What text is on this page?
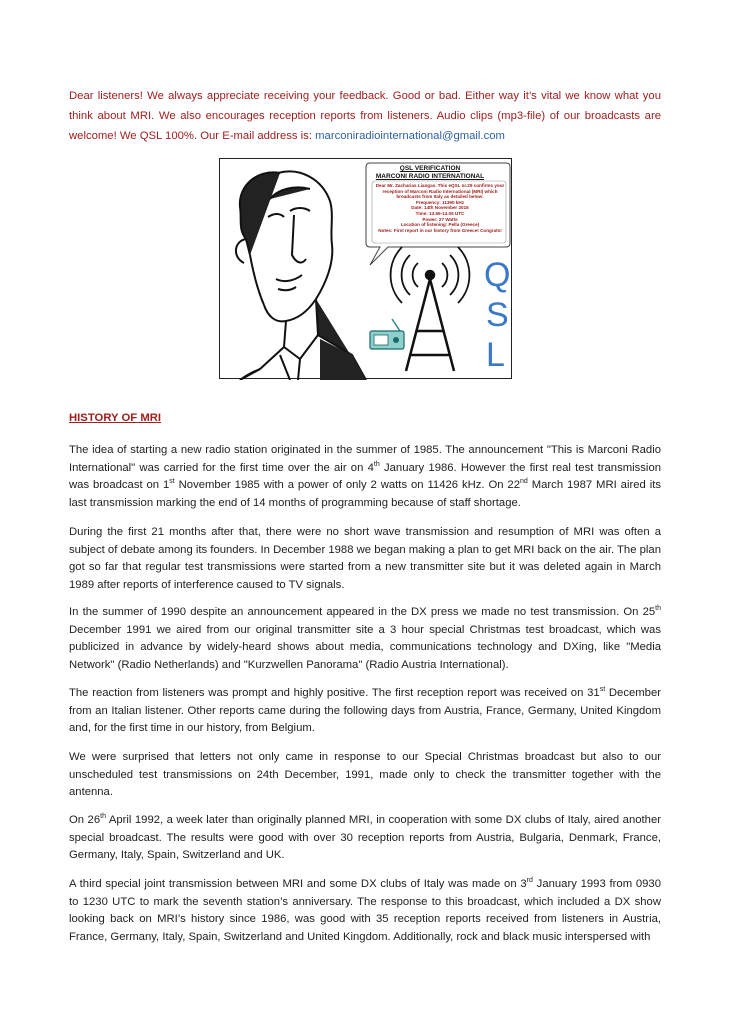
Dear listeners! We always appreciate receiving your feedback. Good or bad. Either way it’s vital we know what you think about MRI. We also encourages reception reports from listeners. Audio clips (mp3-file) of our broadcasts are welcome! We QSL 100%. Our E-mail address is: marconiradiointernational@gmail.com

QSL VERIFICATION
MARCONI RADIO INTERNATIONAL
Dear Mr. Zacharias Liangas. This eQSL nr.29 confirms your
reception of Marconi Radio International (MRI) which
broadcasts from Italy as detailed below:
Frequency: 11390 kHz
Date: 14th November 2015
Time: 13.55-14.05 UTC
Power: 27 Watts
Location of listening: Pella (Greece)
Notes: First report in our history from Greece! Congrats!
Q
S
L
HISTORY OF MRI

The idea of starting a new radio station originated in the summer of 1985. The announcement "This is Marconi Radio International" was carried for the first time over the air on 4th January 1986. However the first real test transmission was broadcast on 1st November 1985 with a power of only 2 watts on 11426 kHz. On 22nd March 1987 MRI aired its last transmission marking the end of 14 months of programming because of staff shortage.

During the first 21 months after that, there were no short wave transmission and resumption of MRI was often a subject of debate among its founders. In December 1988 we began making a plan to get MRI back on the air. The plan got so far that regular test transmissions were started from a new transmitter site but it was deleted again in March 1989 after reports of interference caused to TV signals.

In the summer of 1990 despite an announcement appeared in the DX press we made no test transmission. On 25th December 1991 we aired from our original transmitter site a 3 hour special Christmas test broadcast, which was publicized in advance by widely-heard shows about media, communications technology and DXing, like "Media Network" (Radio Netherlands) and "Kurzwellen Panorama" (Radio Austria International).

The reaction from listeners was prompt and highly positive. The first reception report was received on 31st December from an Italian listener. Other reports came during the following days from Austria, France, Germany, United Kingdom and, for the first time in our history, from Belgium.

We were surprised that letters not only came in response to our Special Christmas broadcast but also to our unscheduled test transmissions on 24th December, 1991, made only to check the transmitter together with the antenna.

On 26th April 1992, a week later than originally planned MRI, in cooperation with some DX clubs of Italy, aired another special broadcast. The results were good with over 30 reception reports from Austria, Bulgaria, Denmark, France, Germany, Italy, Spain, Switzerland and UK.

A third special joint transmission between MRI and some DX clubs of Italy was made on 3rd January 1993 from 0930 to 1230 UTC to mark the seventh station’s anniversary. The response to this broadcast, which included a DX show looking back on MRI’s history since 1986, was good with 35 reception reports received from listeners in Austria, France, Germany, Italy, Spain, Switzerland and United Kingdom. Additionally, rock and black music interspersed with
